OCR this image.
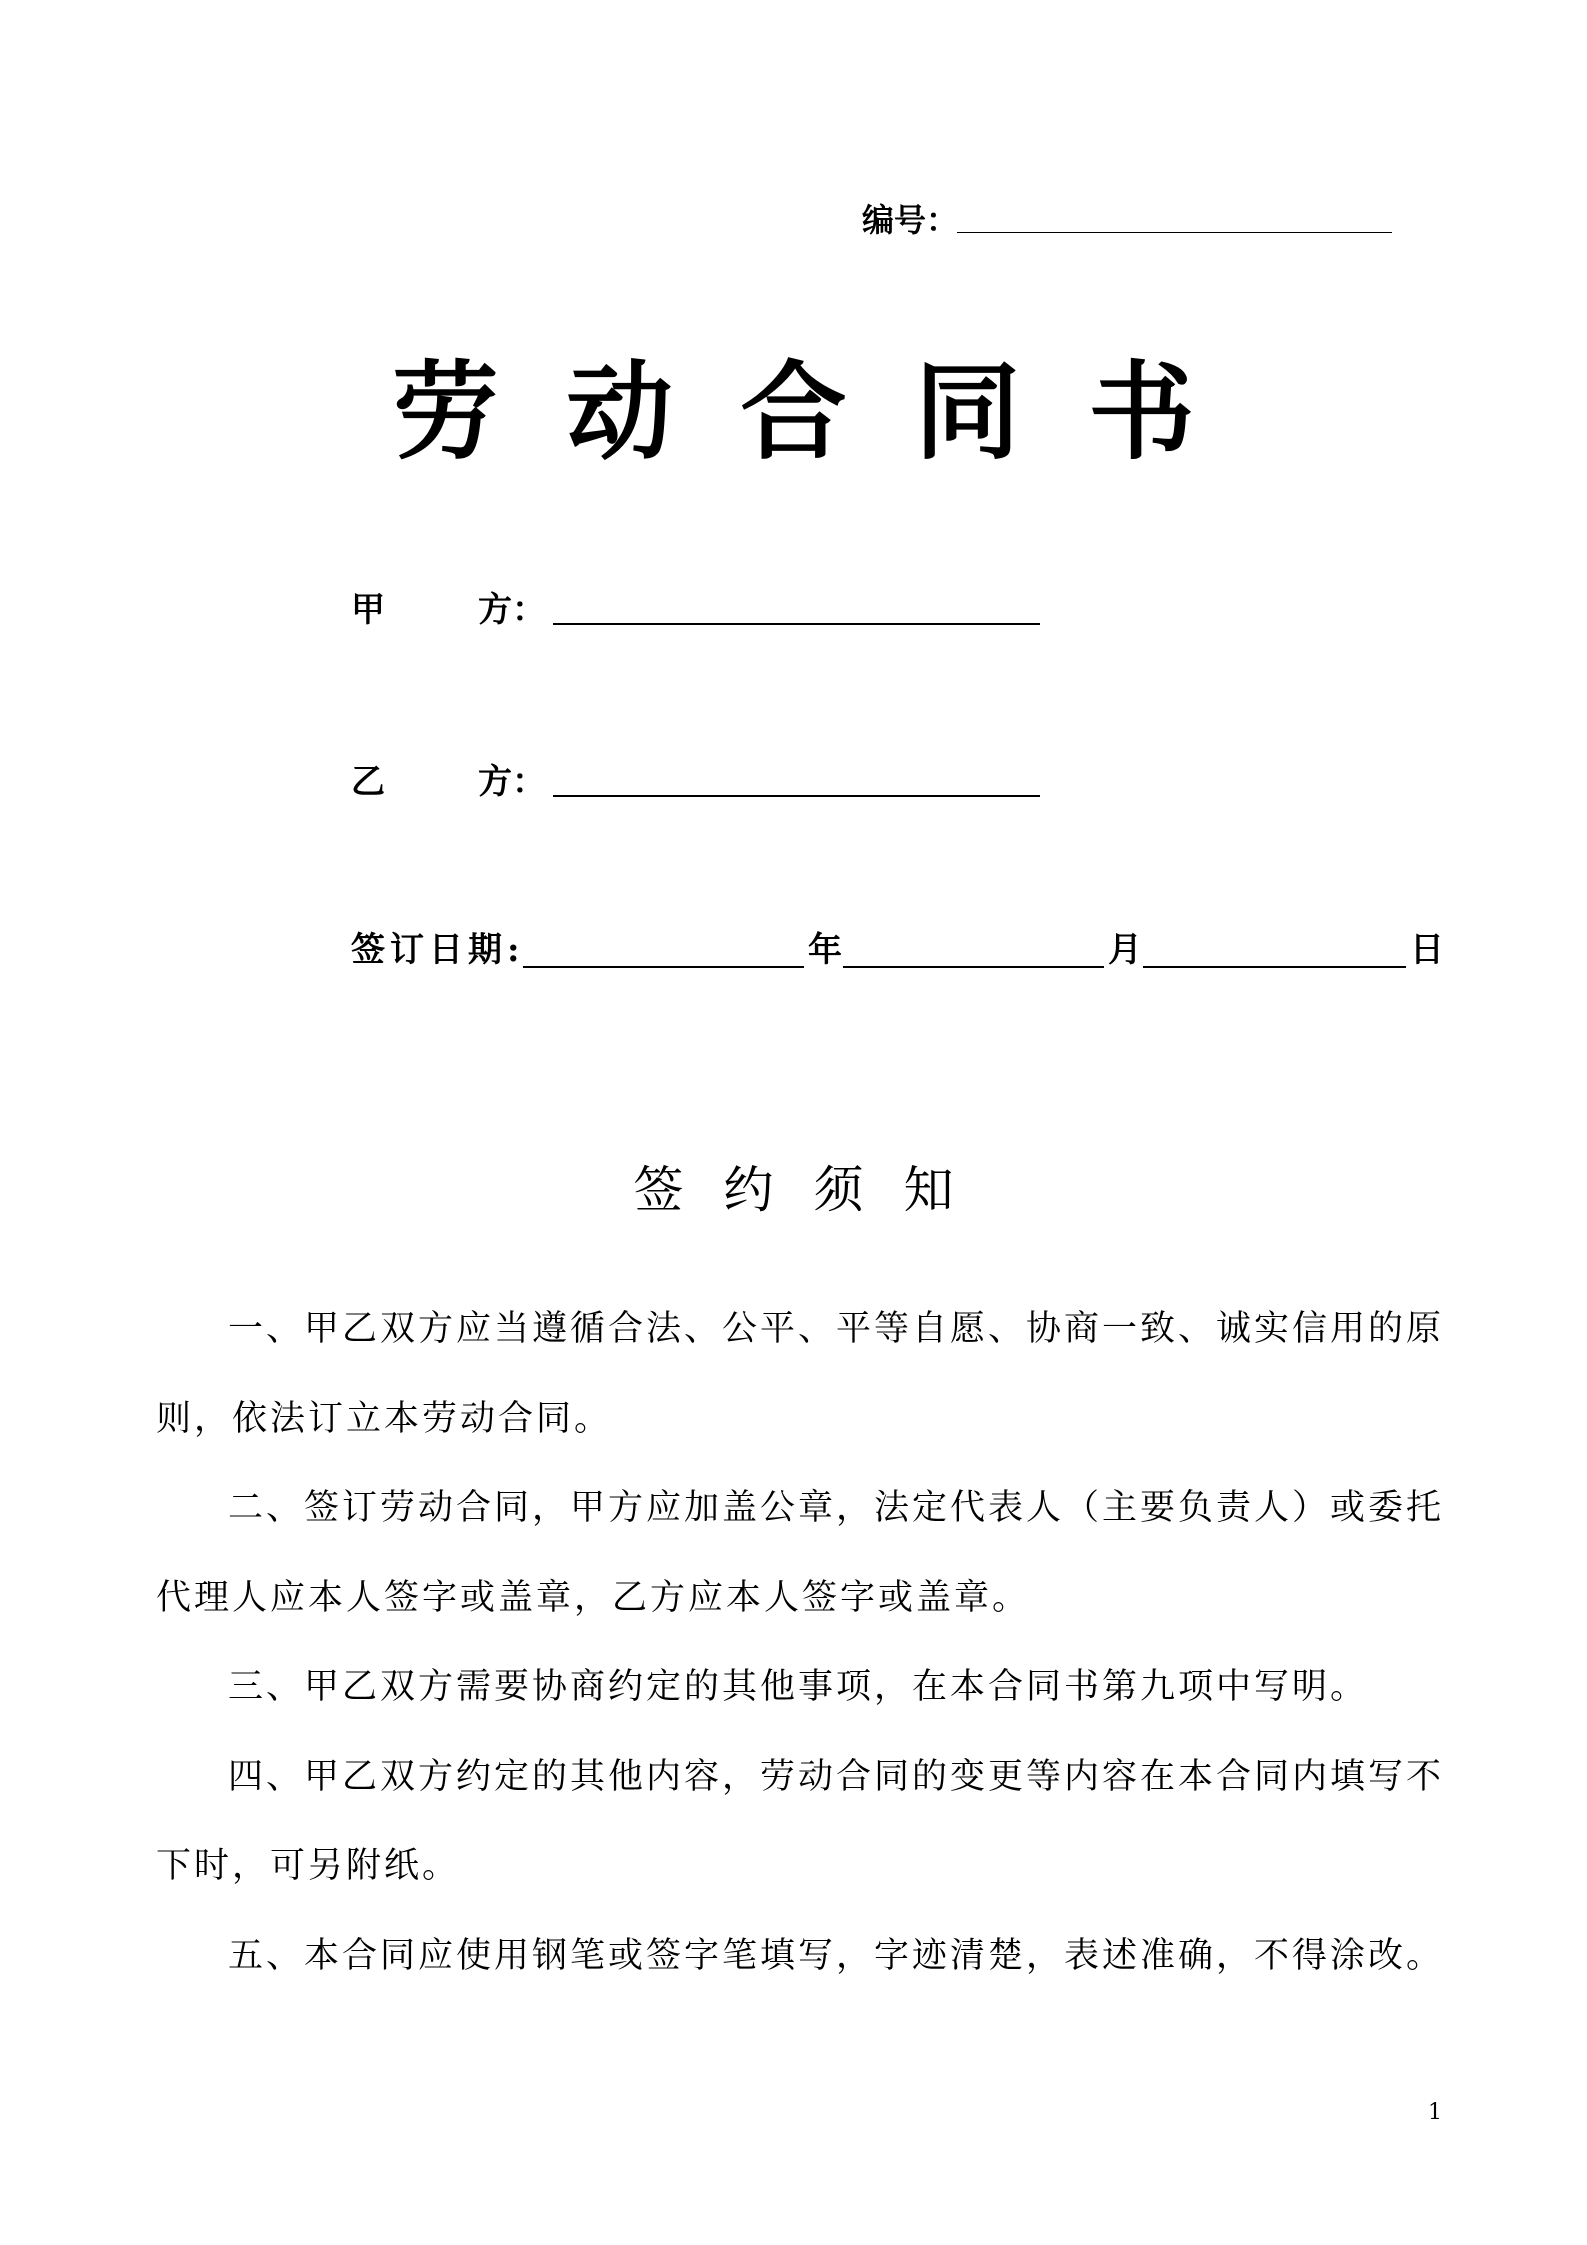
编号：
劳动合同书
甲	方：
乙	方：
签订日期:	年	月	日
签约须知

一、甲乙双方应当遵循合法、公平、平等自愿、协商一致、诚实信用的原则，依法订立本劳动合同。

二、签订劳动合同，甲方应加盖公章，法定代表人（主要负责人）或委托代理人应本人签字或盖章，乙方应本人签字或盖章。

三、甲乙双方需要协商约定的其他事项，在本合同书第九项中写明。

四、甲乙双方约定的其他内容，劳动合同的变更等内容在本合同内填写不下时，可另附纸。

五、本合同应使用钢笔或签字笔填写，字迹清楚，表述准确，不得涂改。

1
